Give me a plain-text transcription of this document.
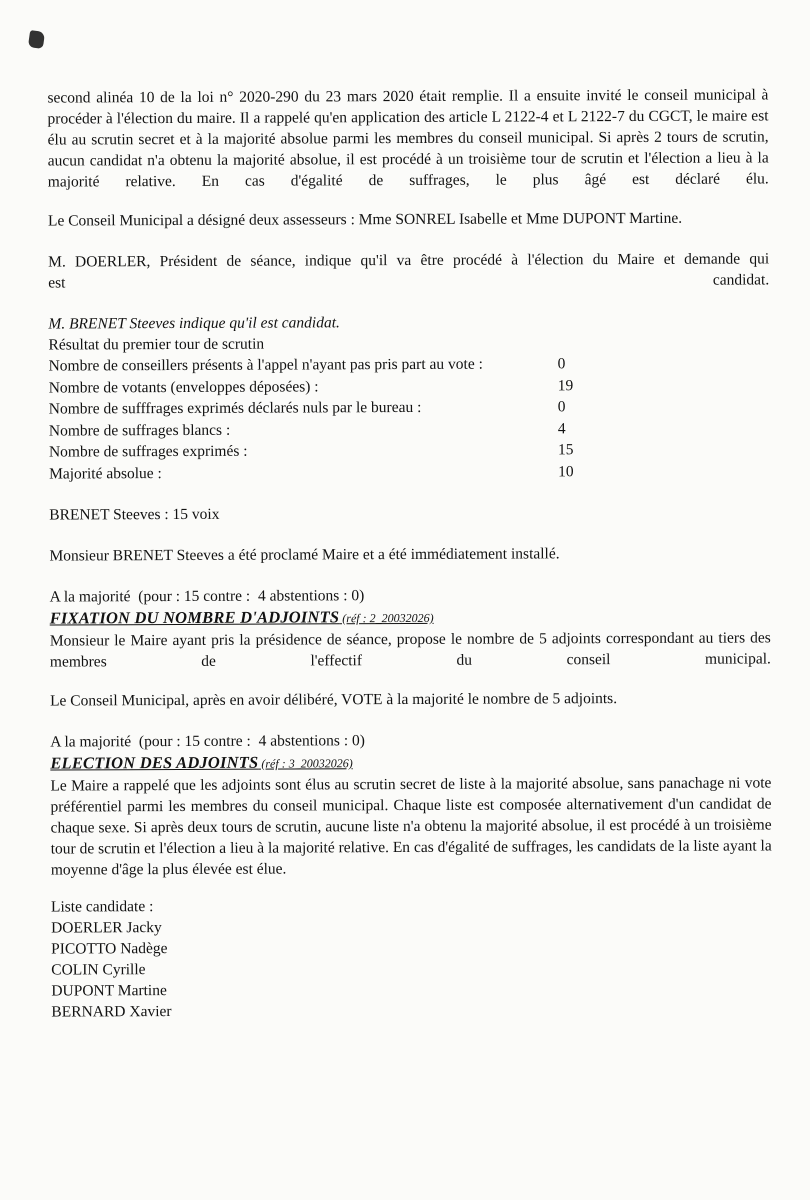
second alinéa 10 de la loi n° 2020-290 du 23 mars 2020 était remplie. Il a ensuite invité le conseil municipal à procéder à l'élection du maire. Il a rappelé qu'en application des article L 2122-4 et L 2122-7 du CGCT, le maire est élu au scrutin secret et à la majorité absolue parmi les membres du conseil municipal. Si après 2 tours de scrutin, aucun candidat n'a obtenu la majorité absolue, il est procédé à un troisième tour de scrutin et l'élection a lieu à la majorité relative. En cas d'égalité de suffrages, le plus âgé est déclaré élu.

Le Conseil Municipal a désigné deux assesseurs : Mme SONREL Isabelle et Mme DUPONT Martine.

M. DOERLER, Président de séance, indique qu'il va être procédé à l'élection du Maire et demande qui
est	candidat.

M. BRENET Steeves indique qu'il est candidat.

Résultat du premier tour de scrutin

Nombre de conseillers présents à l'appel n'ayant pas pris part au vote :	0
Nombre de votants (enveloppes déposées) :	19
Nombre de sufffrages exprimés déclarés nuls par le bureau :	0
Nombre de suffrages blancs :	4
Nombre de suffrages exprimés :	15
Majorité absolue :	10

BRENET Steeves : 15 voix

Monsieur BRENET Steeves a été proclamé Maire et a été immédiatement installé.

A la majorité  (pour : 15 contre :  4 abstentions : 0)

FIXATION DU NOMBRE D'ADJOINTS (réf : 2_20032026)

Monsieur le Maire ayant pris la présidence de séance, propose le nombre de 5 adjoints correspondant au tiers des membres de l'effectif du conseil municipal.

Le Conseil Municipal, après en avoir délibéré, VOTE à la majorité le nombre de 5 adjoints.

A la majorité  (pour : 15 contre :  4 abstentions : 0)

ELECTION DES ADJOINTS (réf : 3_20032026)

Le Maire a rappelé que les adjoints sont élus au scrutin secret de liste à la majorité absolue, sans panachage ni vote préférentiel parmi les membres du conseil municipal. Chaque liste est composée alternativement d'un candidat de chaque sexe. Si après deux tours de scrutin, aucune liste n'a obtenu la majorité absolue, il est procédé à un troisième tour de scrutin et l'élection a lieu à la majorité relative. En cas d'égalité de suffrages, les candidats de la liste ayant la moyenne d'âge la plus élevée est élue.

Liste candidate :

DOERLER Jacky
PICOTTO Nadège
COLIN Cyrille
DUPONT Martine
BERNARD Xavier
